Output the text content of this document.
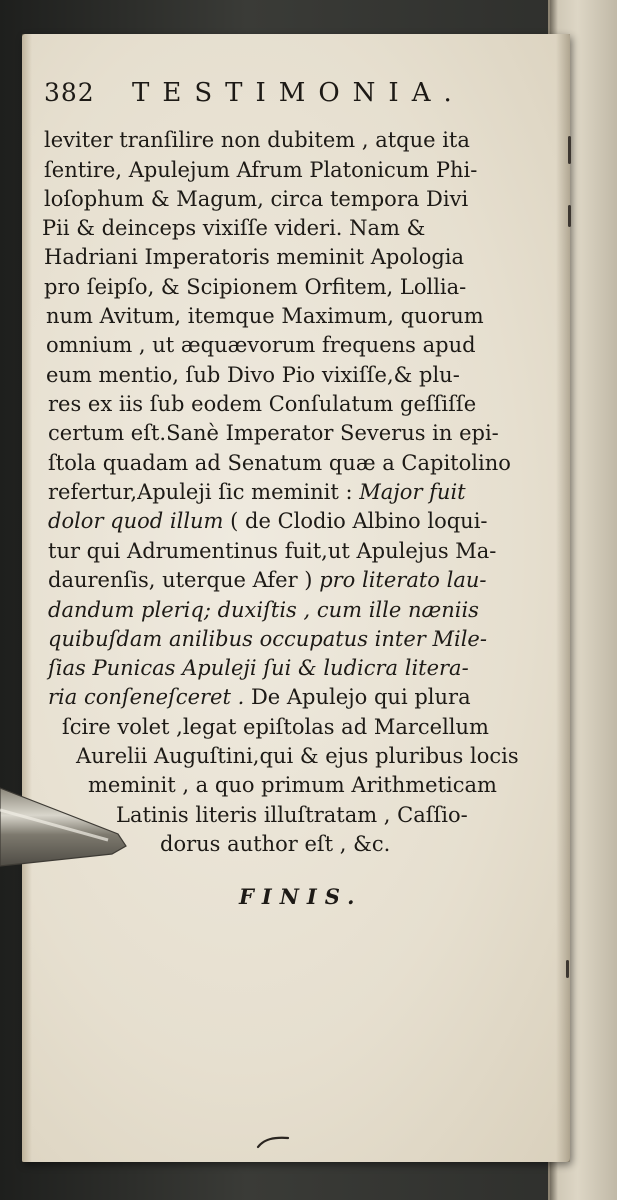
382 TESTIMONIA.
leviter tranſilire non dubitem , atque ita
ſentire, Apulejum Afrum Platonicum Phi-
loſophum & Magum, circa tempora Divi
Pii & deinceps vixiſſe videri. Nam &
Hadriani Imperatoris meminit Apologia
pro ſeipſo, & Scipionem Orfitem, Lollia-
num Avitum, itemque Maximum, quorum
omnium , ut æquævorum frequens apud
eum mentio, ſub Divo Pio vixiſſe,& plu-
res ex iis ſub eodem Conſulatum geſſiſſe
certum eſt.Sanè Imperator Severus in epi-
ſtola quadam ad Senatum quæ a Capitolino
refertur,Apuleji ſic meminit : Major fuit
dolor quod illum ( de Clodio Albino loqui-
tur qui Adrumentinus fuit,ut Apulejus Ma-
daurenſis, uterque Afer ) pro literato lau-
dandum pleriq; duxiſtis , cum ille næniis
quibuſdam anilibus occupatus inter Mile-
ſias Punicas Apuleji ſui & ludicra litera-
ria conſeneſceret . De Apulejo qui plura
ſcire volet ,legat epiſtolas ad Marcellum
Aurelii Auguſtini,qui & ejus pluribus locis
meminit , a quo primum Arithmeticam
Latinis literis illuſtratam , Caſſio-
dorus author eſt , &c.
FINIS.
